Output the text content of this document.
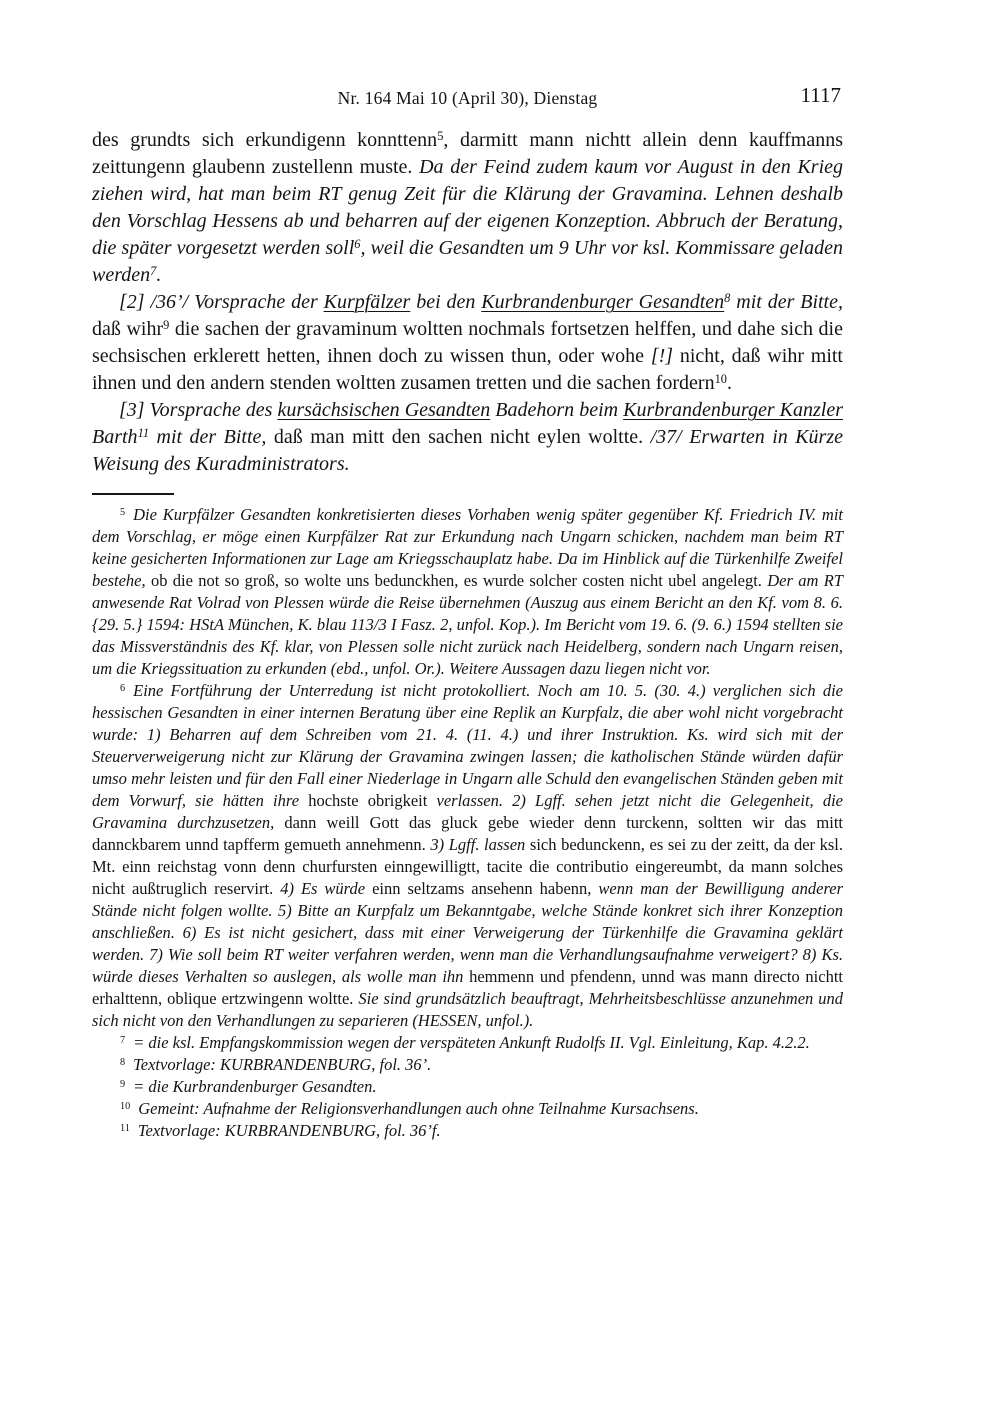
Nr. 164 Mai 10 (April 30), Dienstag	1117

des grundts sich erkundigenn konnttenn$^5$, darmitt mann nichtt allein denn kauffmanns zeittungenn glaubenn zustellenn muste. Da der Feind zudem kaum vor August in den Krieg ziehen wird, hat man beim RT genug Zeit für die Klärung der Gravamina. Lehnen deshalb den Vorschlag Hessens ab und beharren auf der eigenen Konzeption. Abbruch der Beratung, die später vorgesetzt werden soll$^6$, weil die Gesandten um 9 Uhr vor ksl. Kommissare geladen werden$^7$.

[2] /36’/ Vorsprache der Kurpfälzer bei den Kurbrandenburger Gesandten$^8$ mit der Bitte, daß wihr$^9$ die sachen der gravaminum woltten nochmals fortsetzen helffen, und dahe sich die sechsischen erklerett hetten, ihnen doch zu wissen thun, oder wohe [!] nicht, daß wihr mitt ihnen und den andern stenden woltten zusamen tretten und die sachen fordern$^{10}$.

[3] Vorsprache des kursächsischen Gesandten Badehorn beim Kurbrandenburger Kanzler Barth$^{11}$ mit der Bitte, daß man mitt den sachen nicht eylen woltte. /37/ Erwarten in Kürze Weisung des Kuradministrators.

$^5$ Die Kurpfälzer Gesandten konkretisierten dieses Vorhaben wenig später gegenüber Kf. Friedrich IV. mit dem Vorschlag, er möge einen Kurpfälzer Rat zur Erkundung nach Ungarn schicken, nachdem man beim RT keine gesicherten Informationen zur Lage am Kriegsschauplatz habe. Da im Hinblick auf die Türkenhilfe Zweifel bestehe, ob die not so groß, so wolte uns bedunckhen, es wurde solcher costen nicht ubel angelegt. Der am RT anwesende Rat Volrad von Plessen würde die Reise übernehmen (Auszug aus einem Bericht an den Kf. vom 8. 6. {29. 5.} 1594: HStA München, K. blau 113/3 I Fasz. 2, unfol. Kop.). Im Bericht vom 19. 6. (9. 6.) 1594 stellten sie das Missverständnis des Kf. klar, von Plessen solle nicht zurück nach Heidelberg, sondern nach Ungarn reisen, um die Kriegssituation zu erkunden (ebd., unfol. Or.). Weitere Aussagen dazu liegen nicht vor.

$^6$ Eine Fortführung der Unterredung ist nicht protokolliert. Noch am 10. 5. (30. 4.) verglichen sich die hessischen Gesandten in einer internen Beratung über eine Replik an Kurpfalz, die aber wohl nicht vorgebracht wurde: 1) Beharren auf dem Schreiben vom 21. 4. (11. 4.) und ihrer Instruktion. Ks. wird sich mit der Steuerverweigerung nicht zur Klärung der Gravamina zwingen lassen; die katholischen Stände würden dafür umso mehr leisten und für den Fall einer Niederlage in Ungarn alle Schuld den evangelischen Ständen geben mit dem Vorwurf, sie hätten ihre hochste obrigkeit verlassen. 2) Lgff. sehen jetzt nicht die Gelegenheit, die Gravamina durchzusetzen, dann weill Gott das gluck gebe wieder denn turckenn, soltten wir das mitt dannckbarem unnd tapfferm gemueth annehmenn. 3) Lgff. lassen sich bedunckenn, es sei zu der zeitt, da der ksl. Mt. einn reichstag vonn denn churfursten einngewilligtt, tacite die contributio eingereumbt, da mann solches nicht außtruglich reservirt. 4) Es würde einn seltzams ansehenn habenn, wenn man der Bewilligung anderer Stände nicht folgen wollte. 5) Bitte an Kurpfalz um Bekanntgabe, welche Stände konkret sich ihrer Konzeption anschließen. 6) Es ist nicht gesichert, dass mit einer Verweigerung der Türkenhilfe die Gravamina geklärt werden. 7) Wie soll beim RT weiter verfahren werden, wenn man die Verhandlungsaufnahme verweigert? 8) Ks. würde dieses Verhalten so auslegen, als wolle man ihn hemmenn und pfendenn, unnd was mann directo nichtt erhalttenn, oblique ertzwingenn woltte. Sie sind grundsätzlich beauftragt, Mehrheitsbeschlüsse anzunehmen und sich nicht von den Verhandlungen zu separieren (HESSEN, unfol.).

$^7$ = die ksl. Empfangskommission wegen der verspäteten Ankunft Rudolfs II. Vgl. Einleitung, Kap. 4.2.2.

$^8$ Textvorlage: KURBRANDENBURG, fol. 36’.

$^9$ = die Kurbrandenburger Gesandten.

$^{10}$ Gemeint: Aufnahme der Religionsverhandlungen auch ohne Teilnahme Kursachsens.

$^{11}$ Textvorlage: KURBRANDENBURG, fol. 36’f.
